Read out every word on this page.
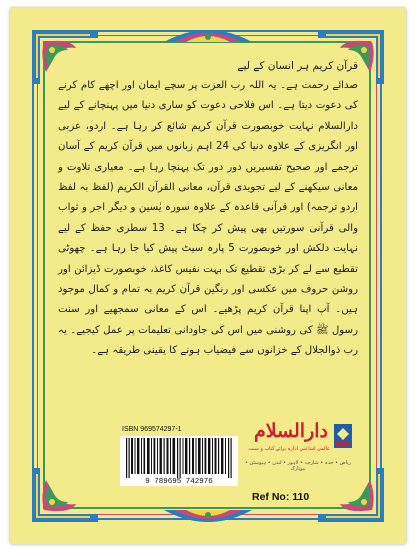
قرآن کریم ہر انسان کے لیے

صدائے رحمت ہے۔ یہ اللہ رب العزت پر سچے ایمان اور اچھے کام کرنے کی دعوت دیتا ہے۔ اس فلاحی دعوت کو ساری دنیا میں پہنچانے کے لیے دارالسلام نہایت خوبصورت قرآن کریم شائع کر رہا ہے۔ اردو، عربی اور انگریزی کے علاوہ دنیا کی 24 اہم زبانوں میں قرآن کریم کے آسان ترجمے اور صحیح تفسیریں دور دور تک پہنچا رہا ہے۔ معیاری تلاوت و معانی سیکھنے کے لیے تجویدی قرآن، معانی القرآن الکریم (لفظ بہ لفظ اردو ترجمہ) اور قرآنی قاعدہ کے علاوہ سورہ یٰسین و دیگر اجر و ثواب والی قرآنی سورتیں بھی پیش کر چکا ہے۔ 13 سطری حفظ کے لیے نہایت دلکش اور خوبصورت 5 پارہ سیٹ پیش کیا جا رہا ہے۔ چھوٹی تقطیع سے لے کر بڑی تقطیع تک بہت نفیس کاغذ، خوبصورت ڈیزائن اور روشن حروف میں عکسی اور رنگین قرآن کریم بہ تمام و کمال موجود ہیں۔ آپ اپنا قرآن کریم پڑھیے۔ اس کے معانی سمجھیے اور سنت رسول ﷺ کی روشنی میں اس کی جاودانی تعلیمات پر عمل کیجیے۔ یہ رب ذوالجلال کے خزانوں سے فیضیاب ہونے کا یقینی طریقہ ہے۔

ISBN 969574297-1
9 789695 742976
دارالسلام
عالمی اشاعتی ادارہ برائے کتاب و سنت
ریاض • جدہ • شارجہ • لاہور • لندن • ہیوسٹن • نیویارک
Ref No: 110
